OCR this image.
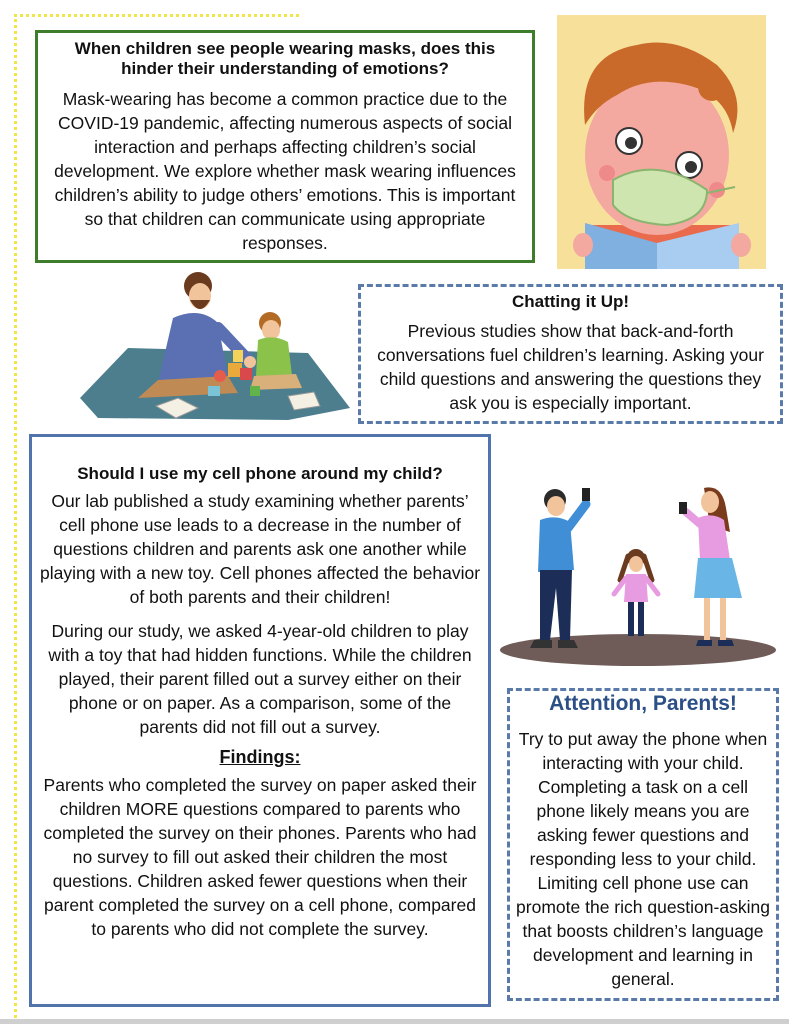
When children see people wearing masks, does this hinder their understanding of emotions?

Mask-wearing has become a common practice due to the COVID-19 pandemic, affecting numerous aspects of social interaction and perhaps affecting children’s social development. We explore whether mask wearing influences children’s ability to judge others’ emotions. This is important so that children can communicate using appropriate responses.

Chatting it Up!

Previous studies show that back-and-forth conversations fuel children’s learning. Asking your child questions and answering the questions they ask you is especially important.

Should I use my cell phone around my child?

Our lab published a study examining whether parents’ cell phone use leads to a decrease in the number of questions children and parents ask one another while playing with a new toy. Cell phones affected the behavior of both parents and their children!

During our study, we asked 4-year-old children to play with a toy that had hidden functions. While the children played, their parent filled out a survey either on their phone or on paper. As a comparison, some of the parents did not fill out a survey.

Findings:

Parents who completed the survey on paper asked their children MORE questions compared to parents who completed the survey on their phones. Parents who had no survey to fill out asked their children the most questions. Children asked fewer questions when their parent completed the survey on a cell phone, compared to parents who did not complete the survey.

Attention, Parents!

Try to put away the phone when interacting with your child. Completing a task on a cell phone likely means you are asking fewer questions and responding less to your child. Limiting cell phone use can promote the rich question-asking that boosts children’s language development and learning in general.
